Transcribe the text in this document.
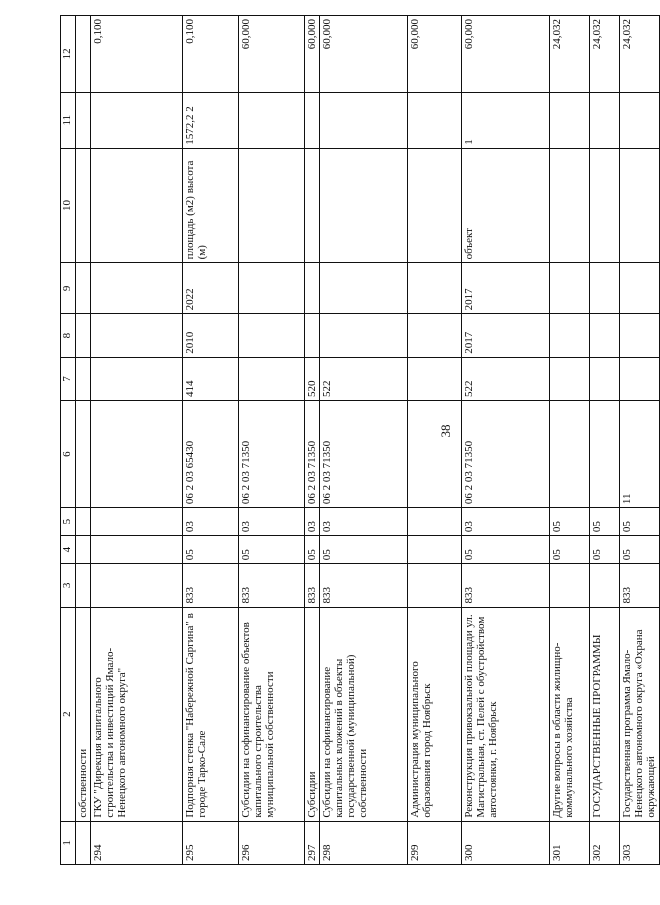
38
1	2	3	4	5	6	7	8	9	10	11	12
	собственности										
294	ГКУ "Дирекция капитального строительства и инвестиций Ямало-Ненецкого автономного округа"										0,100
295	Подпорная стенка "Набережной Саргина" в городе Тарко-Сале	833	05	03	06 2 03 65430	414	2010	2022	площадь (м2) высота (м)	1572,2 2	0,100
296	Субсидии на софинансирование объектов капитального строительства муниципальной собственности	833	05	03	06 2 03 71350						60,000
297	Субсидии	833	05	03	06 2 03 71350	520					60,000
298	Субсидии на софинансирование капитальных вложений в объекты государственной (муниципальной) собственности	833	05	03	06 2 03 71350	522					60,000
299	Администрация муниципального образования город Ноябрьск										60,000
300	Реконструкция привокзальной площади ул. Магистральная, ст. Пелей с обустройством автостоянки, г. Ноябрьск	833	05	03	06 2 03 71350	522	2017	2017	объект	1	60,000
301	Другие вопросы в области жилищно-коммунального хозяйства		05	05							24,032
302	ГОСУДАРСТВЕННЫЕ ПРОГРАММЫ		05	05							24,032
303	Государственная программа Ямало-Ненецкого автономного округа «Охрана окружающей	833	05	05	11						24,032
